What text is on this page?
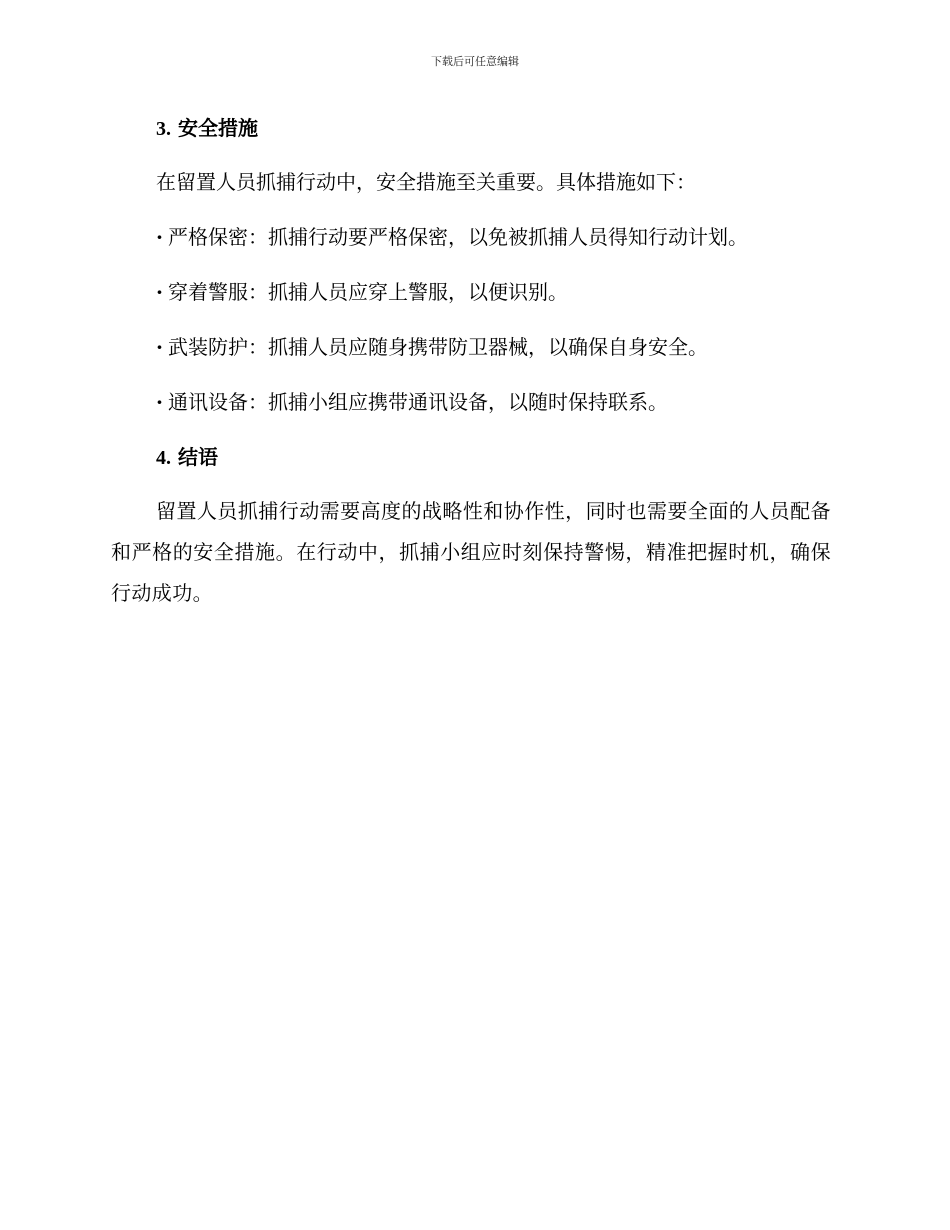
下载后可任意编辑
3. 安全措施

在留置人员抓捕行动中，安全措施至关重要。具体措施如下：

· 严格保密：抓捕行动要严格保密，以免被抓捕人员得知行动计划。
· 穿着警服：抓捕人员应穿上警服，以便识别。
· 武装防护：抓捕人员应随身携带防卫器械，以确保自身安全。
· 通讯设备：抓捕小组应携带通讯设备，以随时保持联系。
4. 结语

留置人员抓捕行动需要高度的战略性和协作性，同时也需要全面的人员配备和严格的安全措施。在行动中，抓捕小组应时刻保持警惕，精准把握时机，确保行动成功。
